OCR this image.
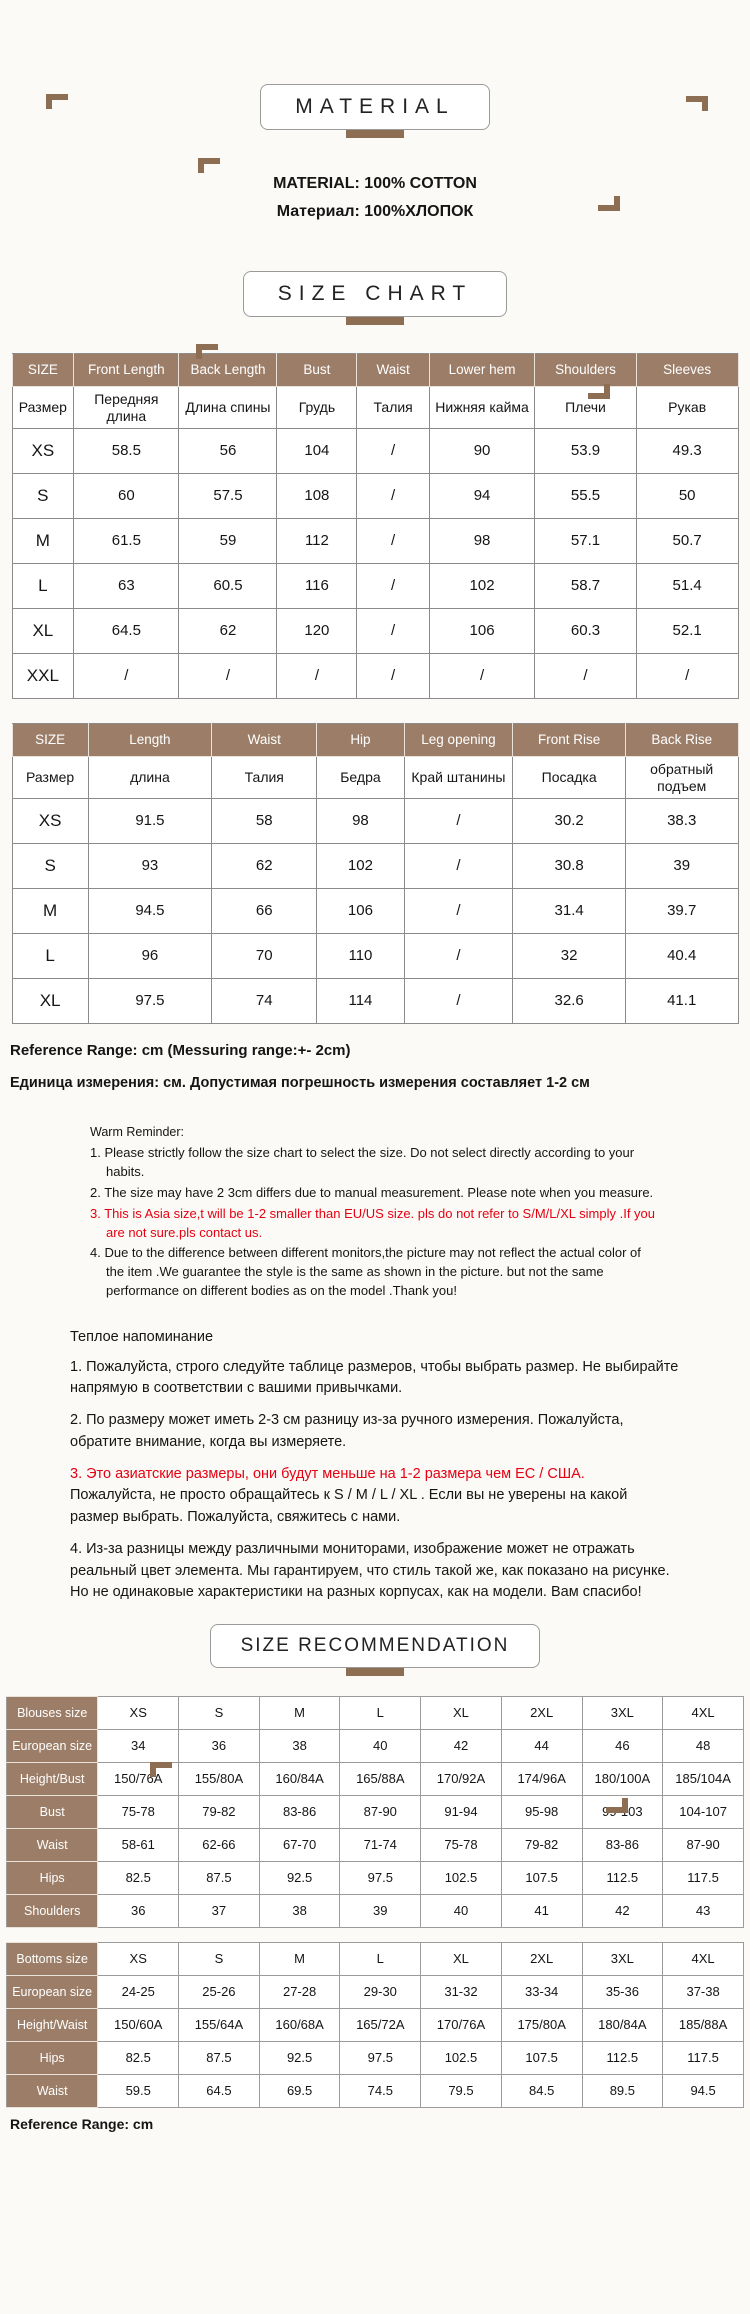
MATERIAL

MATERIAL: 100% COTTON

Материал: 100%ХЛОПОК

SIZE CHART
SIZE	Front Length	Back Length	Bust	Waist	Lower hem	Shoulders	Sleeves
Размер	Передняя длина	Длина спины	Грудь	Талия	Нижняя кайма	Плечи	Рукав
XS	58.5	56	104	/	90	53.9	49.3
S	60	57.5	108	/	94	55.5	50
M	61.5	59	112	/	98	57.1	50.7
L	63	60.5	116	/	102	58.7	51.4
XL	64.5	62	120	/	106	60.3	52.1
XXL	/	/	/	/	/	/	/
SIZE	Length	Waist	Hip	Leg opening	Front Rise	Back Rise
Размер	длина	Талия	Бедра	Край штанины	Посадка	обратный подъем
XS	91.5	58	98	/	30.2	38.3
S	93	62	102	/	30.8	39
M	94.5	66	106	/	31.4	39.7
L	96	70	110	/	32	40.4
XL	97.5	74	114	/	32.6	41.1

Reference Range: cm (Messuring range:+- 2cm)

Единица измерения: см. Допустимая погрешность измерения составляет 1-2 см

Warm Reminder:

1. Please strictly follow the size chart to select the size. Do not select directly according to your habits.

2. The size may have 2 3cm differs due to manual measurement. Please note when you measure.

3. This is Asia size,t will be 1-2 smaller than EU/US size. pls do not refer to S/M/L/XL simply .If you are not sure.pls contact us.

4. Due to the difference between different monitors,the picture may not reflect the actual color of the item .We guarantee the style is the same as shown in the picture. but not the same performance on different bodies as on the model .Thank you!

Теплое напоминание

1. Пожалуйста, строго следуйте таблице размеров, чтобы выбрать размер. Не выбирайте напрямую в соответствии с вашими привычками.

2. По размеру может иметь 2-3 см разницу из-за ручного измерения. Пожалуйста, обратите внимание, когда вы измеряете.

3. Это азиатские размеры, они будут меньше на 1-2 размера чем ЕС / США.

Пожалуйста, не просто обращайтесь к S / M / L / XL . Если вы не уверены на какой размер выбрать. Пожалуйста, свяжитесь с нами.

4. Из-за разницы между различными мониторами, изображение может не отражать реальный цвет элемента. Мы гарантируем, что стиль такой же, как показано на рисунке. Но не одинаковые характеристики на разных корпусах, как на модели. Вам спасибо!

SIZE RECOMMENDATION
Blouses size	XS	S	M	L	XL	2XL	3XL	4XL
European size	34	36	38	40	42	44	46	48
Height/Bust	150/76A	155/80A	160/84A	165/88A	170/92A	174/96A	180/100A	185/104A
Bust	75-78	79-82	83-86	87-90	91-94	95-98	99-103	104-107
Waist	58-61	62-66	67-70	71-74	75-78	79-82	83-86	87-90
Hips	82.5	87.5	92.5	97.5	102.5	107.5	112.5	117.5
Shoulders	36	37	38	39	40	41	42	43
Bottoms size	XS	S	M	L	XL	2XL	3XL	4XL
European size	24-25	25-26	27-28	29-30	31-32	33-34	35-36	37-38
Height/Waist	150/60A	155/64A	160/68A	165/72A	170/76A	175/80A	180/84A	185/88A
Hips	82.5	87.5	92.5	97.5	102.5	107.5	112.5	117.5
Waist	59.5	64.5	69.5	74.5	79.5	84.5	89.5	94.5

Reference Range: cm
